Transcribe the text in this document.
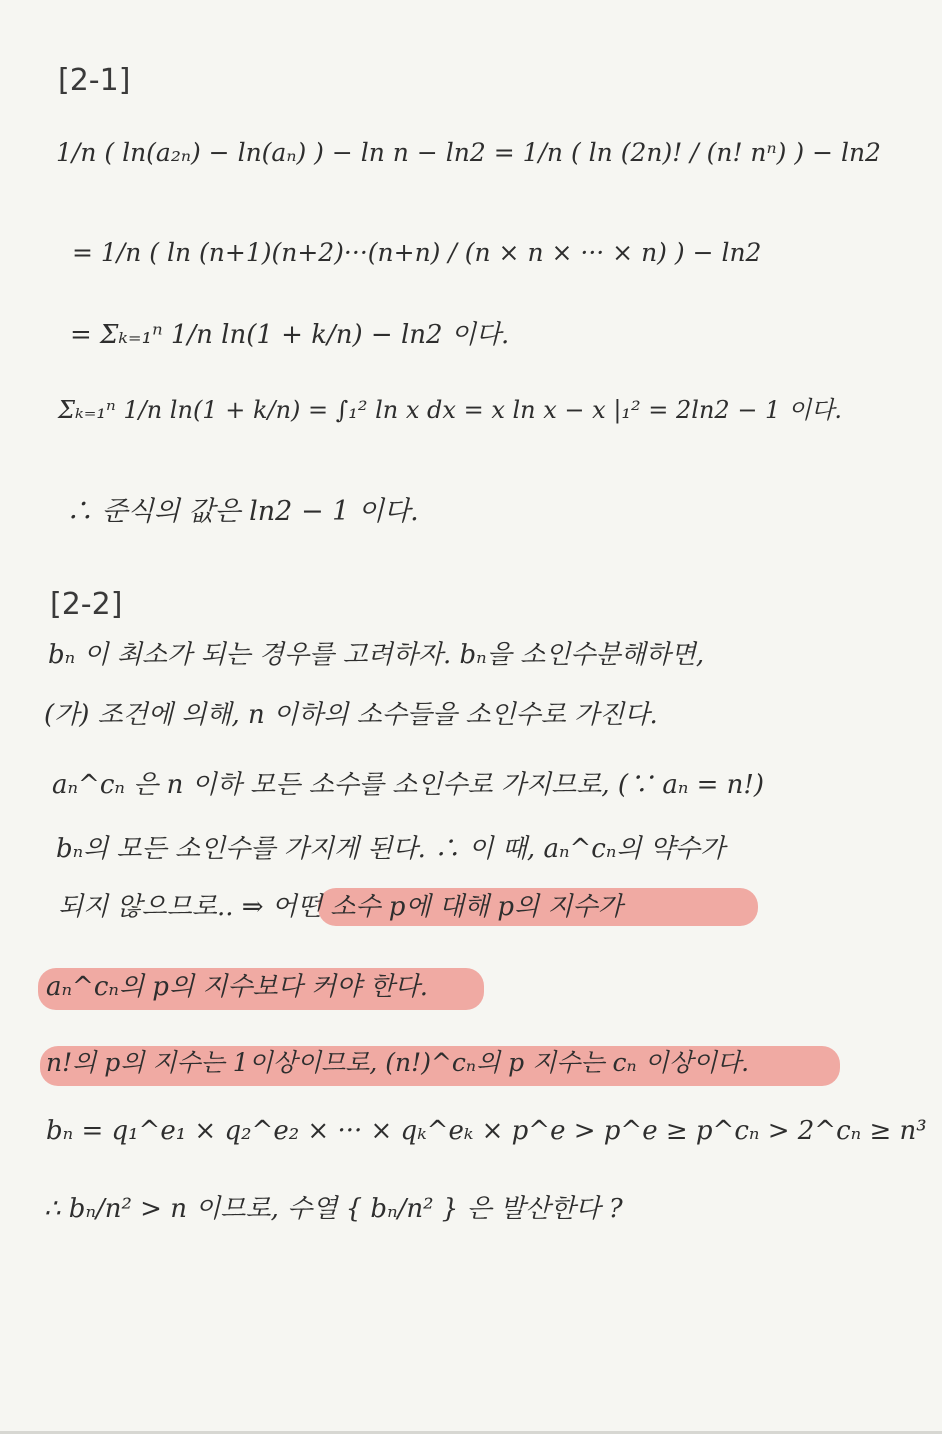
[2-1]
1/n ( ln(a₂ₙ) − ln(aₙ) ) − ln n − ln2 = 1/n ( ln (2n)! / (n! nⁿ) ) − ln2
= 1/n ( ln (n+1)(n+2)···(n+n) / (n × n × ··· × n) ) − ln2
= Σₖ₌₁ⁿ 1/n ln(1 + k/n) − ln2 이다.
Σₖ₌₁ⁿ 1/n ln(1 + k/n) = ∫₁² ln x dx = x ln x − x |₁² = 2ln2 − 1 이다.
∴ 준식의 값은 ln2 − 1 이다.
[2-2]
bₙ 이 최소가 되는 경우를 고려하자. bₙ을 소인수분해하면,
(가) 조건에 의해, n 이하의 소수들을 소인수로 가진다.
aₙ^cₙ 은 n 이하 모든 소수를 소인수로 가지므로, (∵ aₙ = n!)
bₙ의 모든 소인수를 가지게 된다. ∴ 이 때, aₙ^cₙ의 약수가
되지 않으므로.. ⇒ 어떤 소수 p에 대해 p의 지수가
aₙ^cₙ의 p의 지수보다 커야 한다.
n!의 p의 지수는 1이상이므로, (n!)^cₙ의 p 지수는 cₙ 이상이다.
bₙ = q₁^e₁ × q₂^e₂ × ··· × qₖ^eₖ × p^e > p^e ≥ p^cₙ > 2^cₙ ≥ n³
∴ bₙ/n² > n 이므로, 수열 { bₙ/n² } 은 발산한다 ?
